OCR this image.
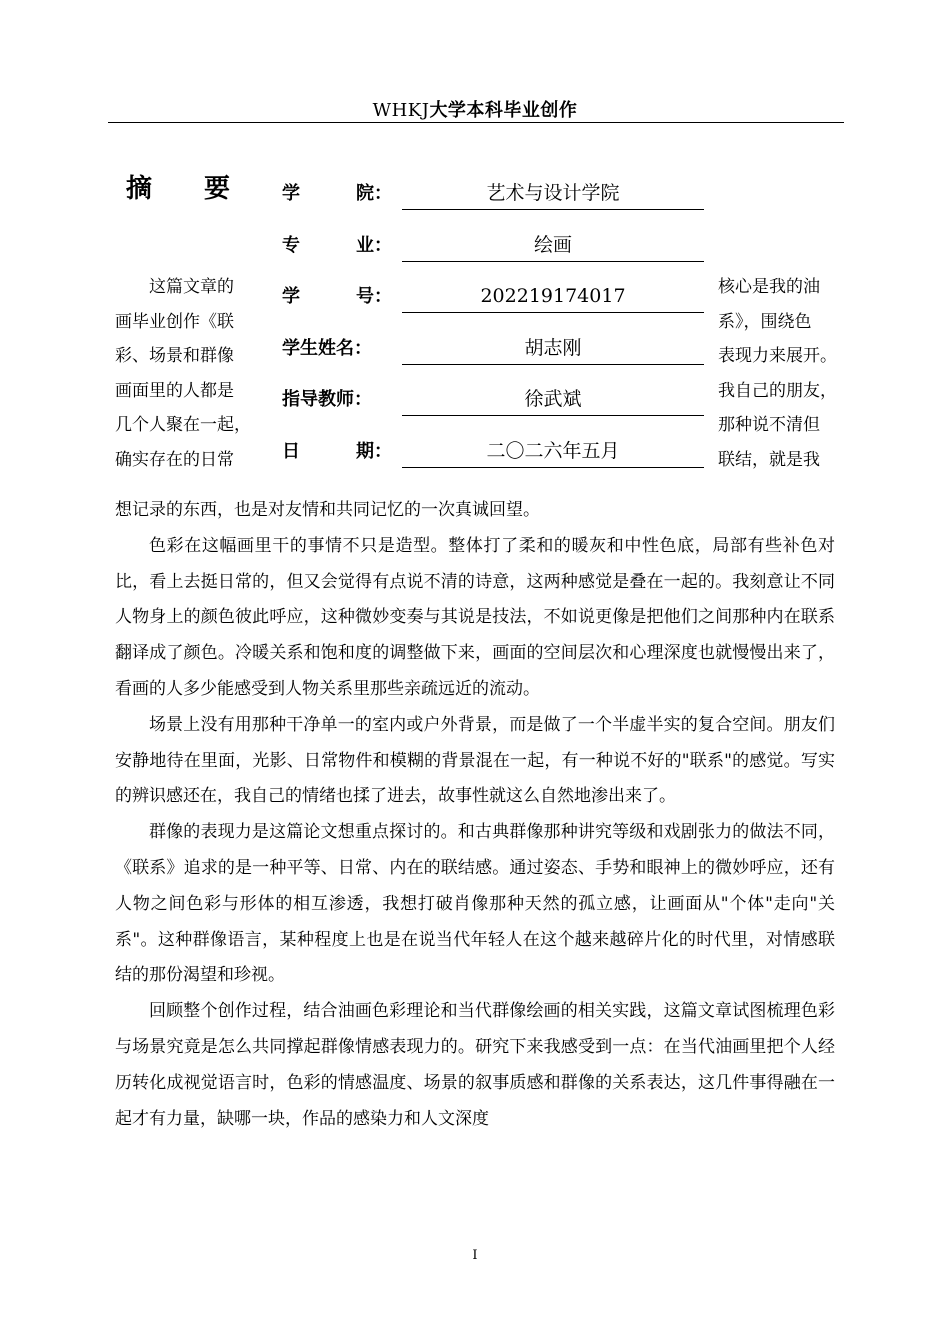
WHKJ大学本科毕业创作
摘 要	学	院：	艺术与设计学院
专	业：	绘画
学	号：	202219174017
学生姓名：	胡志刚
指导教师：	徐武斌
日	期：	二〇二六年五月
　　这篇文章的
画毕业创作《联
彩、场景和群像
画面里的人都是
几个人聚在一起，
确实存在的日常
核心是我的油
系》，围绕色
表现力来展开。
我自己的朋友，
那种说不清但
联结，就是我

想记录的东西，也是对友情和共同记忆的一次真诚回望。

色彩在这幅画里干的事情不只是造型。整体打了柔和的暖灰和中性色底，局部有些补色对比，看上去挺日常的，但又会觉得有点说不清的诗意，这两种感觉是叠在一起的。我刻意让不同人物身上的颜色彼此呼应，这种微妙变奏与其说是技法，不如说更像是把他们之间那种内在联系翻译成了颜色。冷暖关系和饱和度的调整做下来，画面的空间层次和心理深度也就慢慢出来了，看画的人多少能感受到人物关系里那些亲疏远近的流动。

场景上没有用那种干净单一的室内或户外背景，而是做了一个半虚半实的复合空间。朋友们安静地待在里面，光影、日常物件和模糊的背景混在一起，有一种说不好的"联系"的感觉。写实的辨识感还在，我自己的情绪也揉了进去，故事性就这么自然地渗出来了。

群像的表现力是这篇论文想重点探讨的。和古典群像那种讲究等级和戏剧张力的做法不同，《联系》追求的是一种平等、日常、内在的联结感。通过姿态、手势和眼神上的微妙呼应，还有人物之间色彩与形体的相互渗透，我想打破肖像那种天然的孤立感，让画面从"个体"走向"关系"。这种群像语言，某种程度上也是在说当代年轻人在这个越来越碎片化的时代里，对情感联结的那份渴望和珍视。

回顾整个创作过程，结合油画色彩理论和当代群像绘画的相关实践，这篇文章试图梳理色彩与场景究竟是怎么共同撑起群像情感表现力的。研究下来我感受到一点：在当代油画里把个人经历转化成视觉语言时，色彩的情感温度、场景的叙事质感和群像的关系表达，这几件事得融在一起才有力量，缺哪一块，作品的感染力和人文深度

I
